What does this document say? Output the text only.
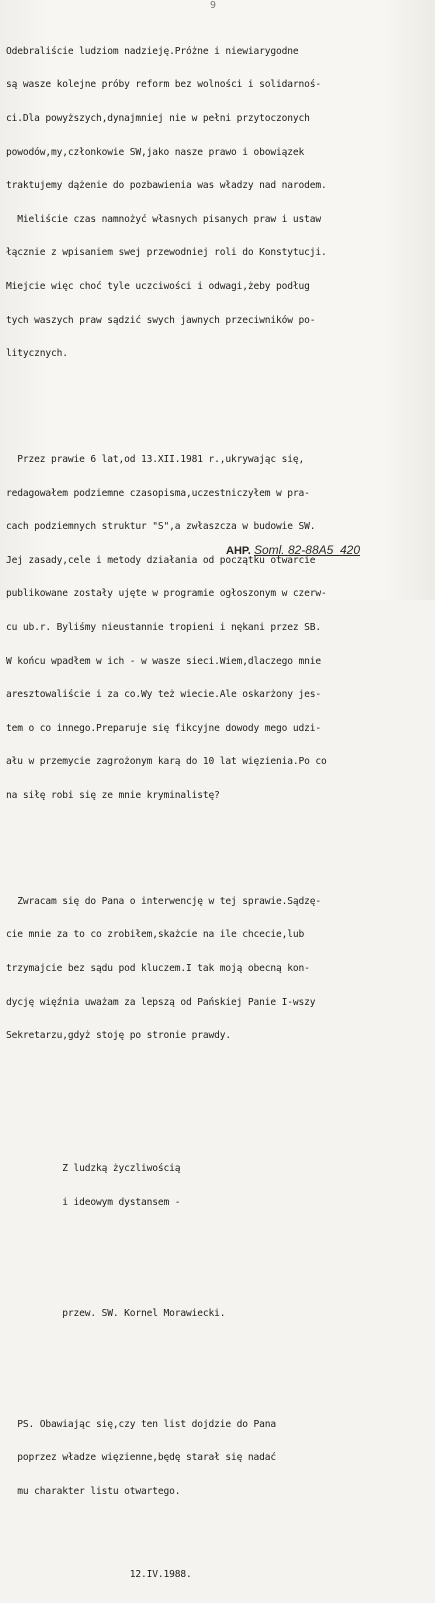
9

Odebraliście ludziom nadzieję.Próżne i niewiarygodne

są wasze kolejne próby reform bez wolności i solidarnoś-

ci.Dla powyższych,dynajmniej nie w pełni przytoczonych

powodów,my,członkowie SW,jako nasze prawo i obowiązek

traktujemy dążenie do pozbawienia was władzy nad narodem.

Mieliście czas namnożyć własnych pisanych praw i ustaw

łącznie z wpisaniem swej przewodniej roli do Konstytucji.

Miejcie więc choć tyle uczciwości i odwagi,żeby podług

tych waszych praw sądzić swych jawnych przeciwników po-

litycznych.

Przez prawie 6 lat,od 13.XII.1981 r.,ukrywając się,

redagowałem podziemne czasopisma,uczestniczyłem w pra-

cach podziemnych struktur "S",a zwłaszcza w budowie SW.

Jej zasady,cele i metody działania od początku otwarcie

publikowane zostały ujęte w programie ogłoszonym w czerw-

cu ub.r. Byliśmy nieustannie tropieni i nękani przez SB.

W końcu wpadłem w ich - w wasze sieci.Wiem,dlaczego mnie

aresztowaliście i za co.Wy też wiecie.Ale oskarżony jes-

tem o co innego.Preparuje się fikcyjne dowody mego udzi-

ału w przemycie zagrożonym karą do 10 lat więzienia.Po co

na siłę robi się ze mnie kryminalistę?

Zwracam się do Pana o interwencję w tej sprawie.Sądzę-

cie mnie za to co zrobiłem,skażcie na ile chcecie,lub

trzymajcie bez sądu pod kluczem.I tak moją obecną kon-

dycję więźnia uważam za lepszą od Pańskiej Panie I-wszy

Sekretarzu,gdyż stoję po stronie prawdy.

Z ludzką życzliwością

i ideowym dystansem -

przew. SW. Kornel Morawiecki.

PS. Obawiając się,czy ten list dojdzie do Pana

poprzez władze więzienne,będę starał się nadać

mu charakter listu otwartego.

12.IV.1988.

AHP. Soml. 82-88A5_420
